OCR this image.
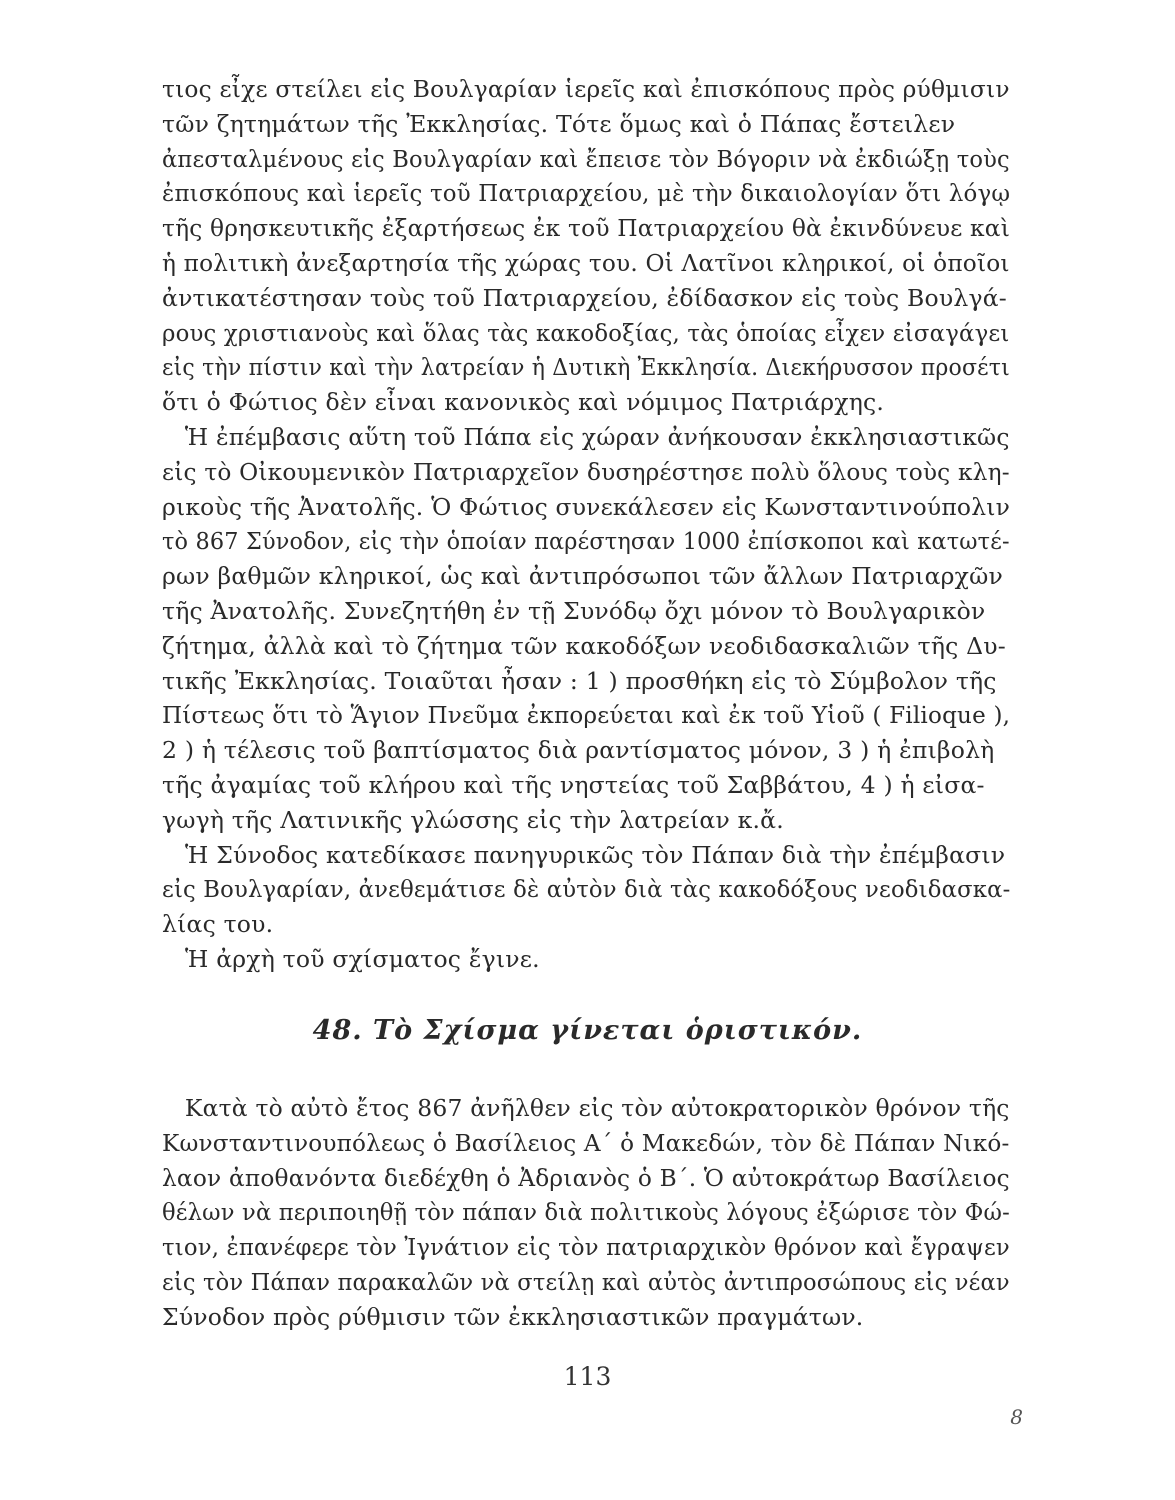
τιος εἶχε στείλει εἰς Βουλγαρίαν ἱερεῖς καὶ ἐπισκόπους πρὸς ρύθμισιν
τῶν ζητημάτων τῆς Ἐκκλησίας. Τότε ὅμως καὶ ὁ Πάπας ἔστειλεν
ἀπεσταλμένους εἰς Βουλγαρίαν καὶ ἔπεισε τὸν Βόγοριν νὰ ἐκδιώξῃ τοὺς
ἐπισκόπους καὶ ἱερεῖς τοῦ Πατριαρχείου, μὲ τὴν δικαιολογίαν ὅτι λόγῳ
τῆς θρησκευτικῆς ἐξαρτήσεως ἐκ τοῦ Πατριαρχείου θὰ ἐκινδύνευε καὶ
ἡ πολιτικὴ ἀνεξαρτησία τῆς χώρας του. Οἱ Λατῖνοι κληρικοί, οἱ ὁποῖοι
ἀντικατέστησαν τοὺς τοῦ Πατριαρχείου, ἐδίδασκον εἰς τοὺς Βουλγά-
ρους χριστιανοὺς καὶ ὅλας τὰς κακοδοξίας, τὰς ὁποίας εἶχεν εἰσαγάγει
εἰς τὴν πίστιν καὶ τὴν λατρείαν ἡ Δυτικὴ Ἐκκλησία. Διεκήρυσσον προσέτι
ὅτι ὁ Φώτιος δὲν εἶναι κανονικὸς καὶ νόμιμος Πατριάρχης.
Ἡ ἐπέμβασις αὕτη τοῦ Πάπα εἰς χώραν ἀνήκουσαν ἐκκλησιαστικῶς
εἰς τὸ Οἰκουμενικὸν Πατριαρχεῖον δυσηρέστησε πολὺ ὅλους τοὺς κλη-
ρικοὺς τῆς Ἀνατολῆς. Ὁ Φώτιος συνεκάλεσεν εἰς Κωνσταντινούπολιν
τὸ 867 Σύνοδον, εἰς τὴν ὁποίαν παρέστησαν 1000 ἐπίσκοποι καὶ κατωτέ-
ρων βαθμῶν κληρικοί, ὡς καὶ ἀντιπρόσωποι τῶν ἄλλων Πατριαρχῶν
τῆς Ἀνατολῆς. Συνεζητήθη ἐν τῇ Συνόδῳ ὄχι μόνον τὸ Βουλγαρικὸν
ζήτημα, ἀλλὰ καὶ τὸ ζήτημα τῶν κακοδόξων νεοδιδασκαλιῶν τῆς Δυ-
τικῆς Ἐκκλησίας. Τοιαῦται ἦσαν : 1 ) προσθήκη εἰς τὸ Σύμβολον τῆς
Πίστεως ὅτι τὸ Ἅγιον Πνεῦμα ἐκπορεύεται καὶ ἐκ τοῦ Υἱοῦ ( Filioque ),
2 ) ἡ τέλεσις τοῦ βαπτίσματος διὰ ραντίσματος μόνον, 3 ) ἡ ἐπιβολὴ
τῆς ἀγαμίας τοῦ κλήρου καὶ τῆς νηστείας τοῦ Σαββάτου, 4 ) ἡ εἰσα-
γωγὴ τῆς Λατινικῆς γλώσσης εἰς τὴν λατρείαν κ.ἄ.
Ἡ Σύνοδος κατεδίκασε πανηγυρικῶς τὸν Πάπαν διὰ τὴν ἐπέμβασιν
εἰς Βουλγαρίαν, ἀνεθεμάτισε δὲ αὐτὸν διὰ τὰς κακοδόξους νεοδιδασκα-
λίας του.
Ἡ ἀρχὴ τοῦ σχίσματος ἔγινε.
48. Τὸ Σχίσμα γίνεται ὁριστικόν.
Κατὰ τὸ αὐτὸ ἔτος 867 ἀνῆλθεν εἰς τὸν αὐτοκρατορικὸν θρόνον τῆς
Κωνσταντινουπόλεως ὁ Βασίλειος Α΄ ὁ Μακεδών, τὸν δὲ Πάπαν Νικό-
λαον ἀποθανόντα διεδέχθη ὁ Ἀδριανὸς ὁ Β΄. Ὁ αὐτοκράτωρ Βασίλειος
θέλων νὰ περιποιηθῇ τὸν πάπαν διὰ πολιτικοὺς λόγους ἐξώρισε τὸν Φώ-
τιον, ἐπανέφερε τὸν Ἰγνάτιον εἰς τὸν πατριαρχικὸν θρόνον καὶ ἔγραψεν
εἰς τὸν Πάπαν παρακαλῶν νὰ στείλῃ καὶ αὐτὸς ἀντιπροσώπους εἰς νέαν
Σύνοδον πρὸς ρύθμισιν τῶν ἐκκλησιαστικῶν πραγμάτων.
113
8
